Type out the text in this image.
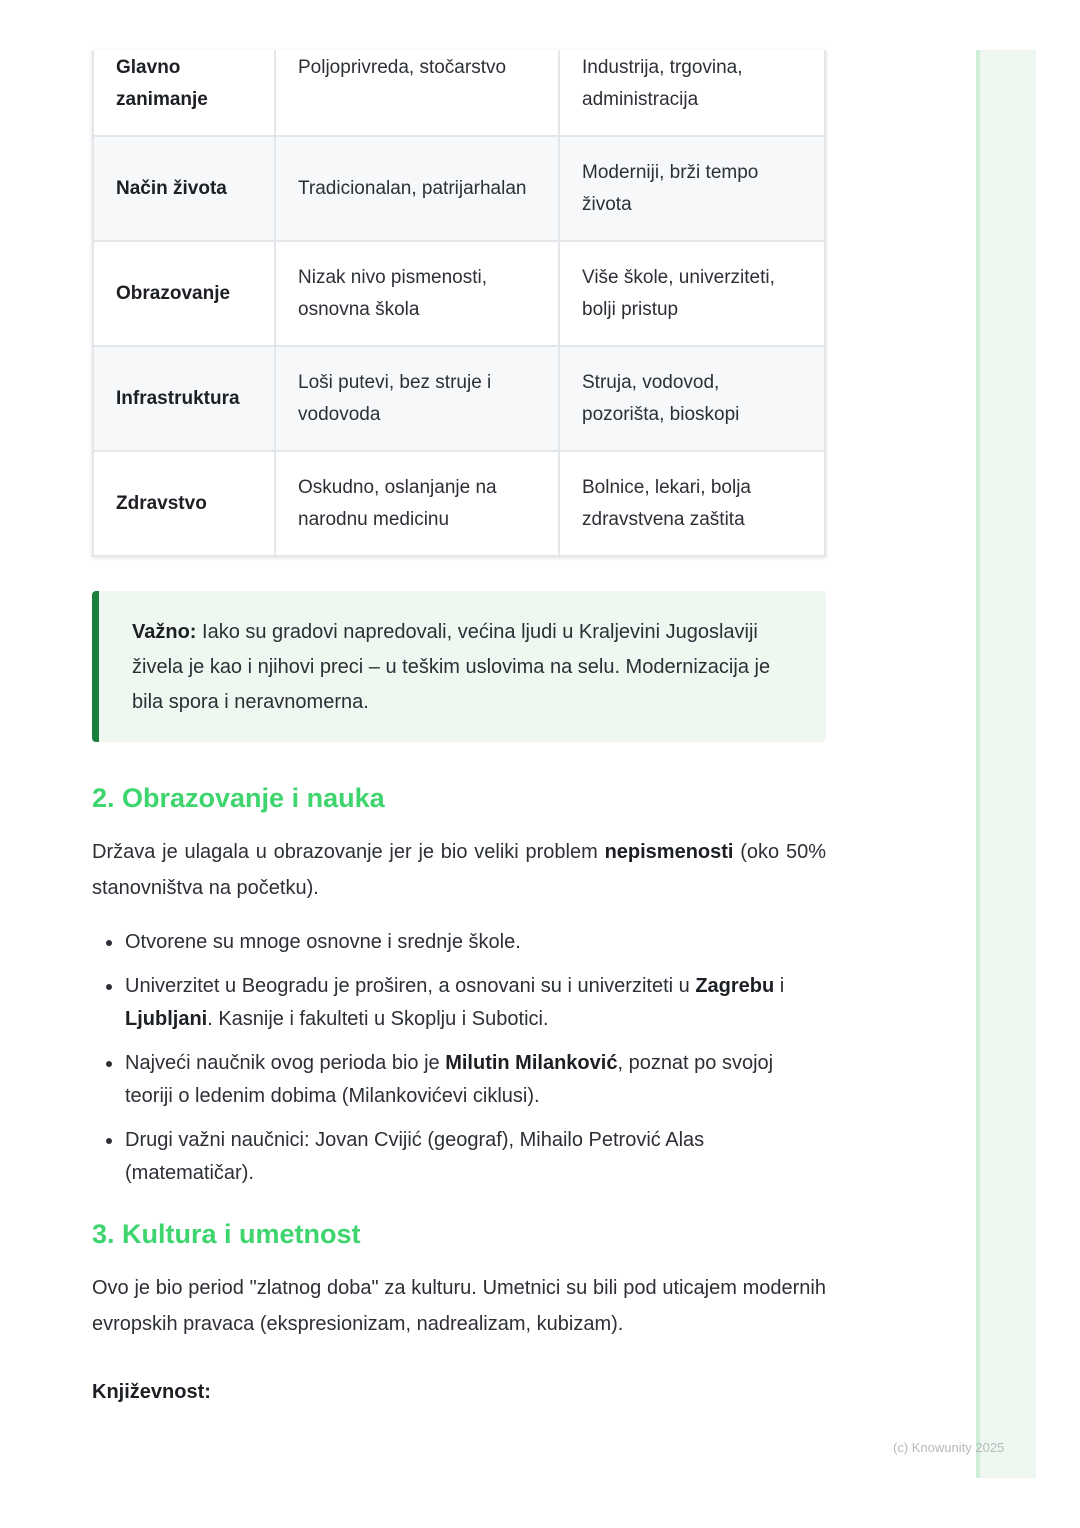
Glavno zanimanje	Poljoprivreda, stočarstvo	Industrija, trgovina, administracija
Način života	Tradicionalan, patrijarhalan	Moderniji, brži tempo života
Obrazovanje	Nizak nivo pismenosti, osnovna škola	Više škole, univerziteti, bolji pristup
Infrastruktura	Loši putevi, bez struje i vodovoda	Struja, vodovod, pozorišta, bioskopi
Zdravstvo	Oskudno, oslanjanje na narodnu medicinu	Bolnice, lekari, bolja zdravstvena zaštita
Važno: Iako su gradovi napredovali, većina ljudi u Kraljevini Jugoslaviji živela je kao i njihovi preci – u teškim uslovima na selu. Modernizacija je bila spora i neravnomerna.
2. Obrazovanje i nauka

Država je ulagala u obrazovanje jer je bio veliki problem nepismenosti (oko 50% stanovništva na početku).

• Otvorene su mnoge osnovne i srednje škole.
• Univerzitet u Beogradu je proširen, a osnovani su i univerziteti u Zagrebu i Ljubljani. Kasnije i fakulteti u Skoplju i Subotici.
• Najveći naučnik ovog perioda bio je Milutin Milanković, poznat po svojoj teoriji o ledenim dobima (Milankovićevi ciklusi).
• Drugi važni naučnici: Jovan Cvijić (geograf), Mihailo Petrović Alas (matematičar).
3. Kultura i umetnost

Ovo je bio period "zlatnog doba" za kulturu. Umetnici su bili pod uticajem modernih evropskih pravaca (ekspresionizam, nadrealizam, kubizam).

Književnost:
(c) Knowunity 2025
